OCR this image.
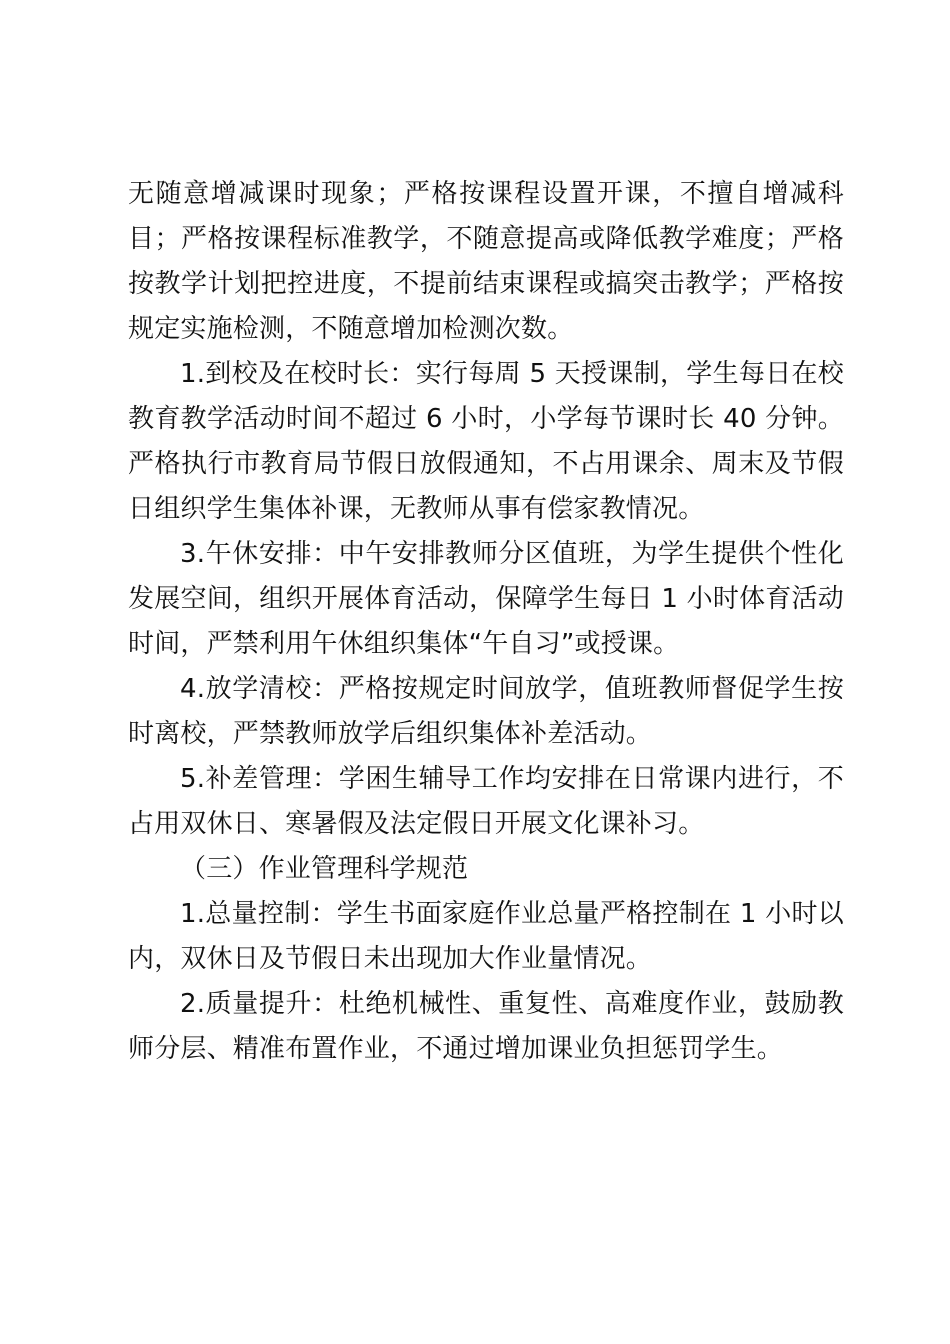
无随意增减课时现象；严格按课程设置开课，不擅自增减科目；严格按课程标准教学，不随意提高或降低教学难度；严格按教学计划把控进度，不提前结束课程或搞突击教学；严格按规定实施检测，不随意增加检测次数。

1.到校及在校时长：实行每周 5 天授课制，学生每日在校教育教学活动时间不超过 6 小时，小学每节课时长 40 分钟。严格执行市教育局节假日放假通知，不占用课余、周末及节假日组织学生集体补课，无教师从事有偿家教情况。

3.午休安排：中午安排教师分区值班，为学生提供个性化发展空间，组织开展体育活动，保障学生每日 1 小时体育活动时间，严禁利用午休组织集体“午自习”或授课。

4.放学清校：严格按规定时间放学，值班教师督促学生按时离校，严禁教师放学后组织集体补差活动。

5.补差管理：学困生辅导工作均安排在日常课内进行，不占用双休日、寒暑假及法定假日开展文化课补习。

（三）作业管理科学规范

1.总量控制：学生书面家庭作业总量严格控制在 1 小时以内，双休日及节假日未出现加大作业量情况。

2.质量提升：杜绝机械性、重复性、高难度作业，鼓励教师分层、精准布置作业，不通过增加课业负担惩罚学生。
